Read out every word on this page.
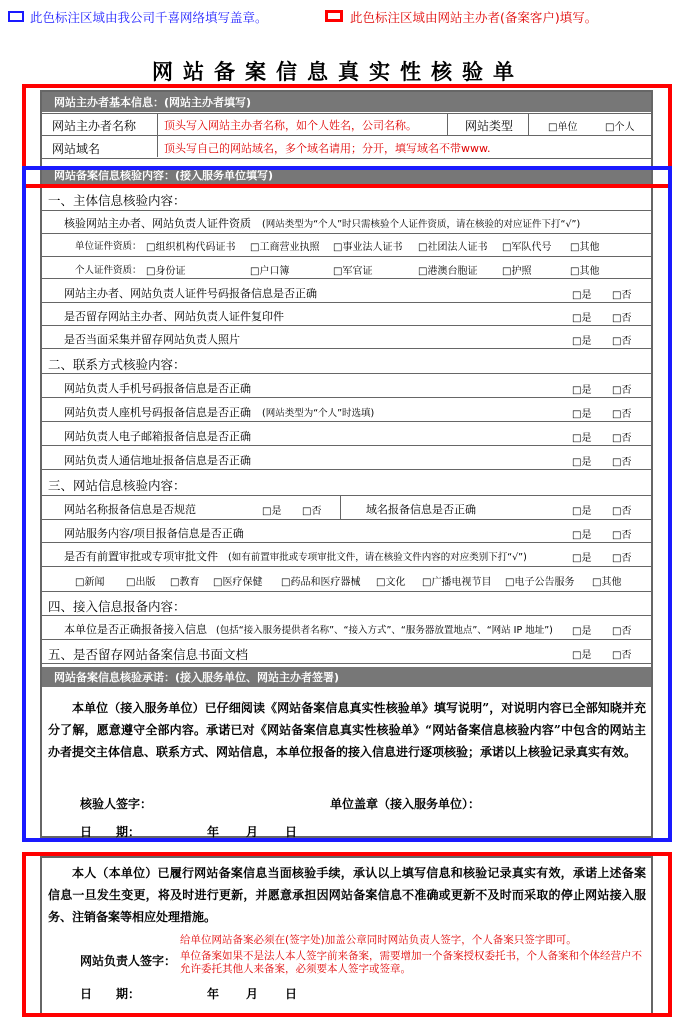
此色标注区域由我公司千喜网络填写盖章。	此色标注区域由网站主办者(备案客户)填写。
网站备案信息真实性核验单
网站主办者基本信息：(网站主办者填写)
网站主办者名称	顶头写入网站主办者名称，如个人姓名，公司名称。	网站类型	□单位	□个人
网站域名	顶头写自己的网站域名，多个域名请用；分开，填写域名不带www.
网站备案信息核验内容：(接入服务单位填写)
一、主体信息核验内容：
核验网站主办者、网站负责人证件资质 (网站类型为“个人”时只需核验个人证件资质，请在核验的对应证件下打“√”)
单位证件资质： □组织机构代码证书 □工商营业执照 □事业法人证书 □社团法人证书 □军队代号 □其他
个人证件资质： □身份证	□户口簿	□军官证	□港澳台胞证 □护照	□其他
网站主办者、网站负责人证件号码报备信息是否正确	□是 □否
是否留存网站主办者、网站负责人证件复印件	□是 □否
是否当面采集并留存网站负责人照片	□是 □否
二、联系方式核验内容：
网站负责人手机号码报备信息是否正确	□是 □否
网站负责人座机号码报备信息是否正确 (网站类型为“个人”时选填)	□是 □否
网站负责人电子邮箱报备信息是否正确	□是 □否
网站负责人通信地址报备信息是否正确	□是 □否
三、网站信息核验内容：
网站名称报备信息是否规范	□是 □否	域名报备信息是否正确	□是 □否
网站服务内容/项目报备信息是否正确	□是 □否
是否有前置审批或专项审批文件 (如有前置审批或专项审批文件，请在核验文件内容的对应类别下打“√”)	□是 □否
□新闻 □出版 □教育 □医疗保健 □药品和医疗器械 □文化 □广播电视节目 □电子公告服务 □其他
四、接入信息报备内容：
本单位是否正确报备接入信息 (包括“接入服务提供者名称”、“接入方式”、“服务器放置地点”、“网站 IP 地址”) □是 □否
五、是否留存网站备案信息书面文档	□是 □否
网站备案信息核验承诺：(接入服务单位、网站主办者签署)
本单位（接入服务单位）已仔细阅读《网站备案信息真实性核验单》填写说明”，对说明内容已全部知晓并充分了解，愿意遵守全部内容。承诺已对《网站备案信息真实性核验单》“网站备案信息核验内容”中包含的网站主办者提交主体信息、联系方式、网站信息，本单位报备的接入信息进行逐项核验；承诺以上核验记录真实有效。
核验人签字：	单位盖章（接入服务单位）：
日　　期：	年 月 日
本人（本单位）已履行网站备案信息当面核验手续，承认以上填写信息和核验记录真实有效，承诺上述备案信息一旦发生变更，将及时进行更新，并愿意承担因网站备案信息不准确或更新不及时而采取的停止网站接入服务、注销备案等相应处理措施。
网站负责人签字：
给单位网站备案必须在(签字处)加盖公章同时网站负责人签字，个人备案只签字即可。
单位备案如果不是法人本人签字前来备案，需要增加一个备案授权委托书，个人备案和个体经营户不允许委托其他人来备案，必须要本人签字或签章。
日　　期：	年 月 日
